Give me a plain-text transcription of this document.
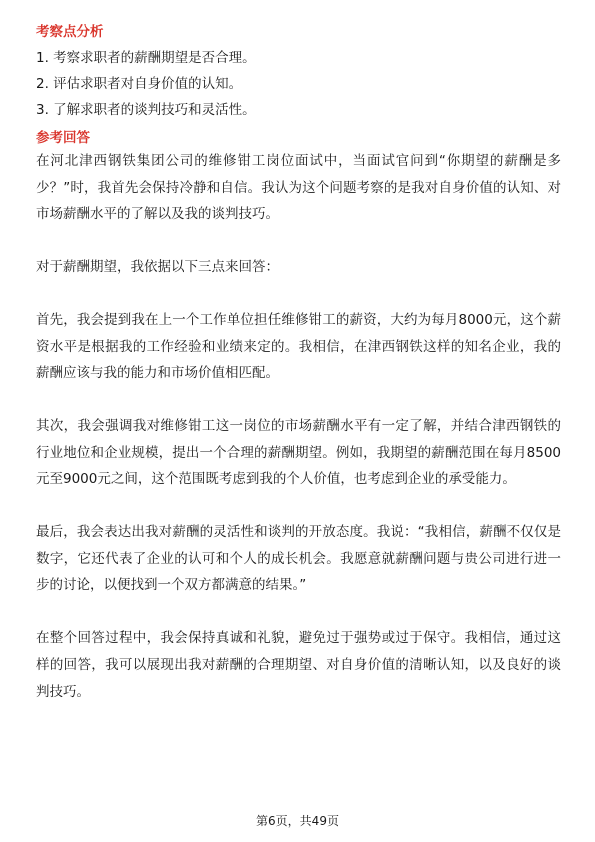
考察点分析
1. 考察求职者的薪酬期望是否合理。
2. 评估求职者对自身价值的认知。
3. 了解求职者的谈判技巧和灵活性。
参考回答

在河北津西钢铁集团公司的维修钳工岗位面试中，当面试官问到“你期望的薪酬是多少？”时，我首先会保持冷静和自信。我认为这个问题考察的是我对自身价值的认知、对市场薪酬水平的了解以及我的谈判技巧。

对于薪酬期望，我依据以下三点来回答：

首先，我会提到我在上一个工作单位担任维修钳工的薪资，大约为每月8000元，这个薪资水平是根据我的工作经验和业绩来定的。我相信，在津西钢铁这样的知名企业，我的薪酬应该与我的能力和市场价值相匹配。

其次，我会强调我对维修钳工这一岗位的市场薪酬水平有一定了解，并结合津西钢铁的行业地位和企业规模，提出一个合理的薪酬期望。例如，我期望的薪酬范围在每月8500元至9000元之间，这个范围既考虑到我的个人价值，也考虑到企业的承受能力。

最后，我会表达出我对薪酬的灵活性和谈判的开放态度。我说：“我相信，薪酬不仅仅是数字，它还代表了企业的认可和个人的成长机会。我愿意就薪酬问题与贵公司进行进一步的讨论，以便找到一个双方都满意的结果。”

在整个回答过程中，我会保持真诚和礼貌，避免过于强势或过于保守。我相信，通过这样的回答，我可以展现出我对薪酬的合理期望、对自身价值的清晰认知，以及良好的谈判技巧。

第6页，共49页
